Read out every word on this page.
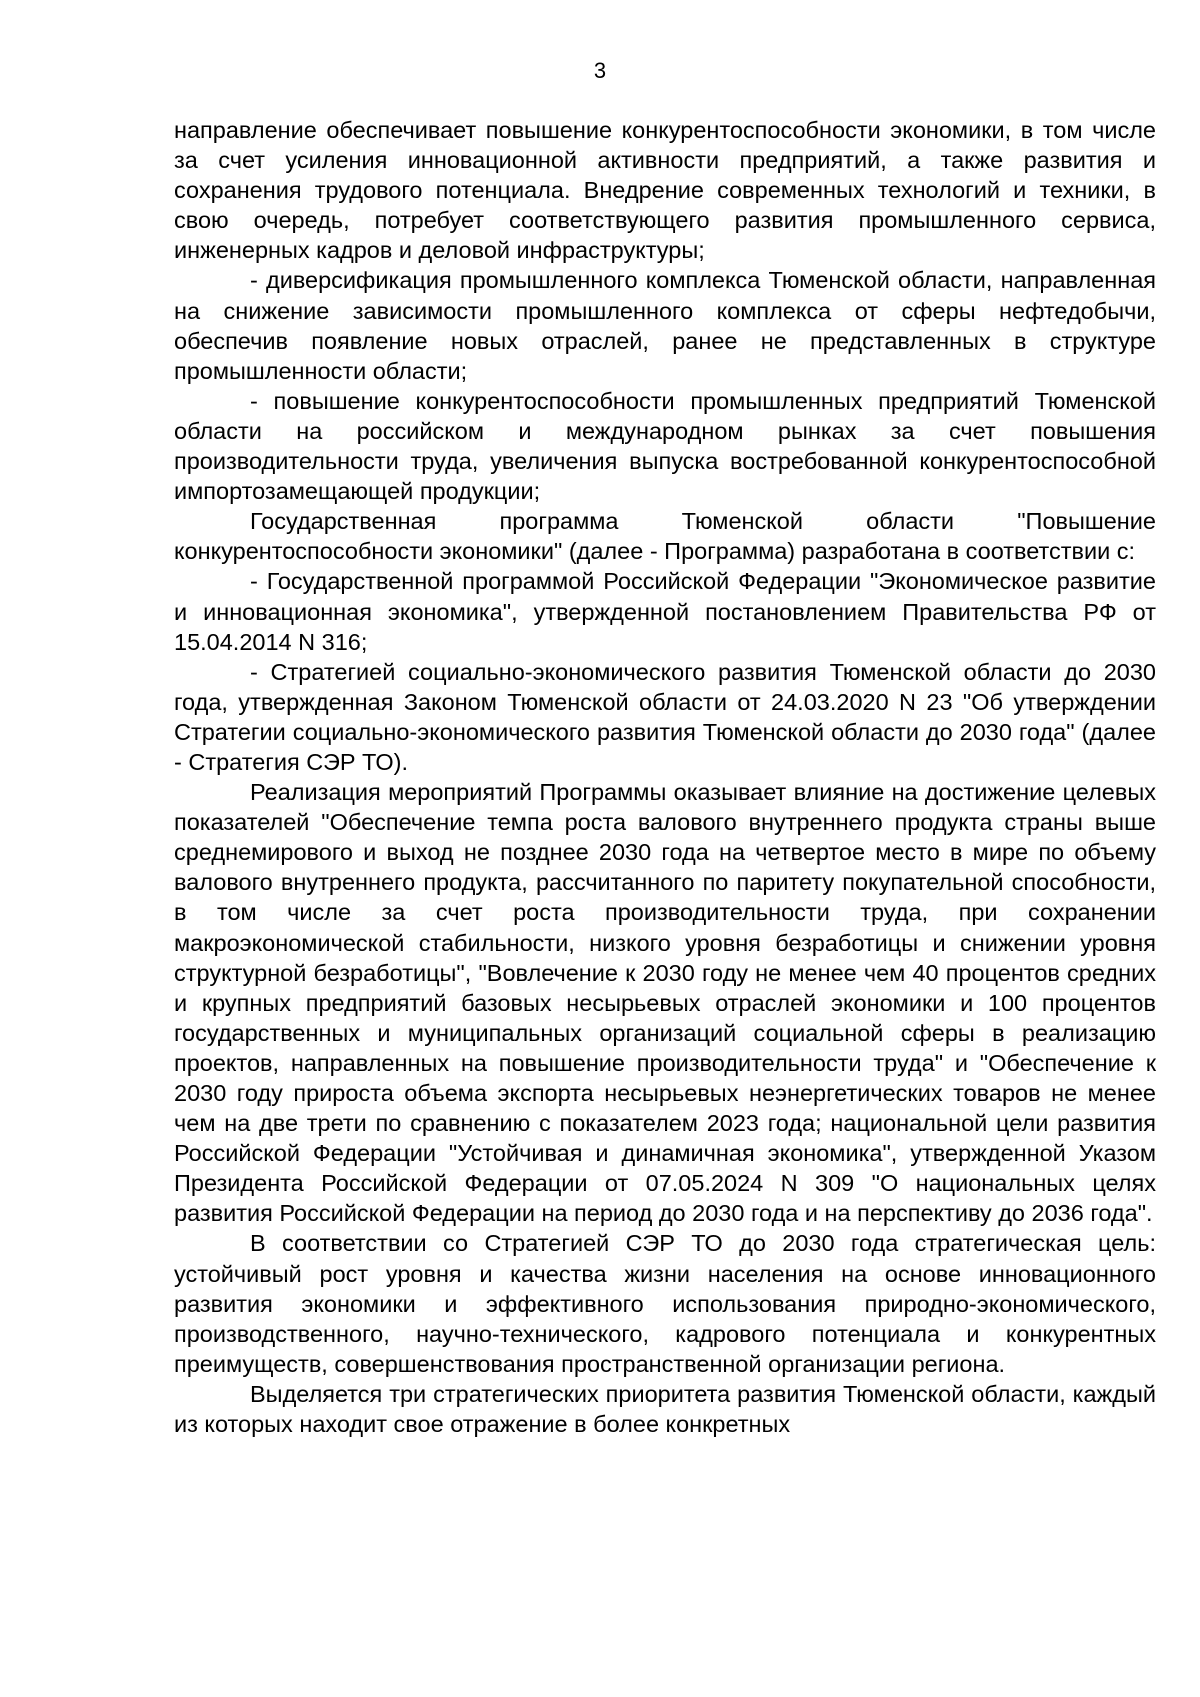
3

направление обеспечивает повышение конкурентоспособности экономики, в том числе за счет усиления инновационной активности предприятий, а также развития и сохранения трудового потенциала. Внедрение современных технологий и техники, в свою очередь, потребует соответствующего развития промышленного сервиса, инженерных кадров и деловой инфраструктуры;

- диверсификация промышленного комплекса Тюменской области, направленная на снижение зависимости промышленного комплекса от сферы нефтедобычи, обеспечив появление новых отраслей, ранее не представленных в структуре промышленности области;

- повышение конкурентоспособности промышленных предприятий Тюменской области на российском и международном рынках за счет повышения производительности труда, увеличения выпуска востребованной конкурентоспособной импортозамещающей продукции;

Государственная программа Тюменской области "Повышение конкурентоспособности экономики" (далее - Программа) разработана в соответствии с:

- Государственной программой Российской Федерации "Экономическое развитие и инновационная экономика", утвержденной постановлением Правительства РФ от 15.04.2014 N 316;

- Стратегией социально-экономического развития Тюменской области до 2030 года, утвержденная Законом Тюменской области от 24.03.2020 N 23 "Об утверждении Стратегии социально-экономического развития Тюменской области до 2030 года" (далее - Стратегия СЭР ТО).

Реализация мероприятий Программы оказывает влияние на достижение целевых показателей "Обеспечение темпа роста валового внутреннего продукта страны выше среднемирового и выход не позднее 2030 года на четвертое место в мире по объему валового внутреннего продукта, рассчитанного по паритету покупательной способности, в том числе за счет роста производительности труда, при сохранении макроэкономической стабильности, низкого уровня безработицы и снижении уровня структурной безработицы", "Вовлечение к 2030 году не менее чем 40 процентов средних и крупных предприятий базовых несырьевых отраслей экономики и 100 процентов государственных и муниципальных организаций социальной сферы в реализацию проектов, направленных на повышение производительности труда" и "Обеспечение к 2030 году прироста объема экспорта несырьевых неэнергетических товаров не менее чем на две трети по сравнению с показателем 2023 года; национальной цели развития Российской Федерации "Устойчивая и динамичная экономика", утвержденной Указом Президента Российской Федерации от 07.05.2024 N 309 "О национальных целях развития Российской Федерации на период до 2030 года и на перспективу до 2036 года".

В соответствии со Стратегией СЭР ТО до 2030 года стратегическая цель: устойчивый рост уровня и качества жизни населения на основе инновационного развития экономики и эффективного использования природно-экономического, производственного, научно-технического, кадрового потенциала и конкурентных преимуществ, совершенствования пространственной организации региона.

Выделяется три стратегических приоритета развития Тюменской области, каждый из которых находит свое отражение в более конкретных
